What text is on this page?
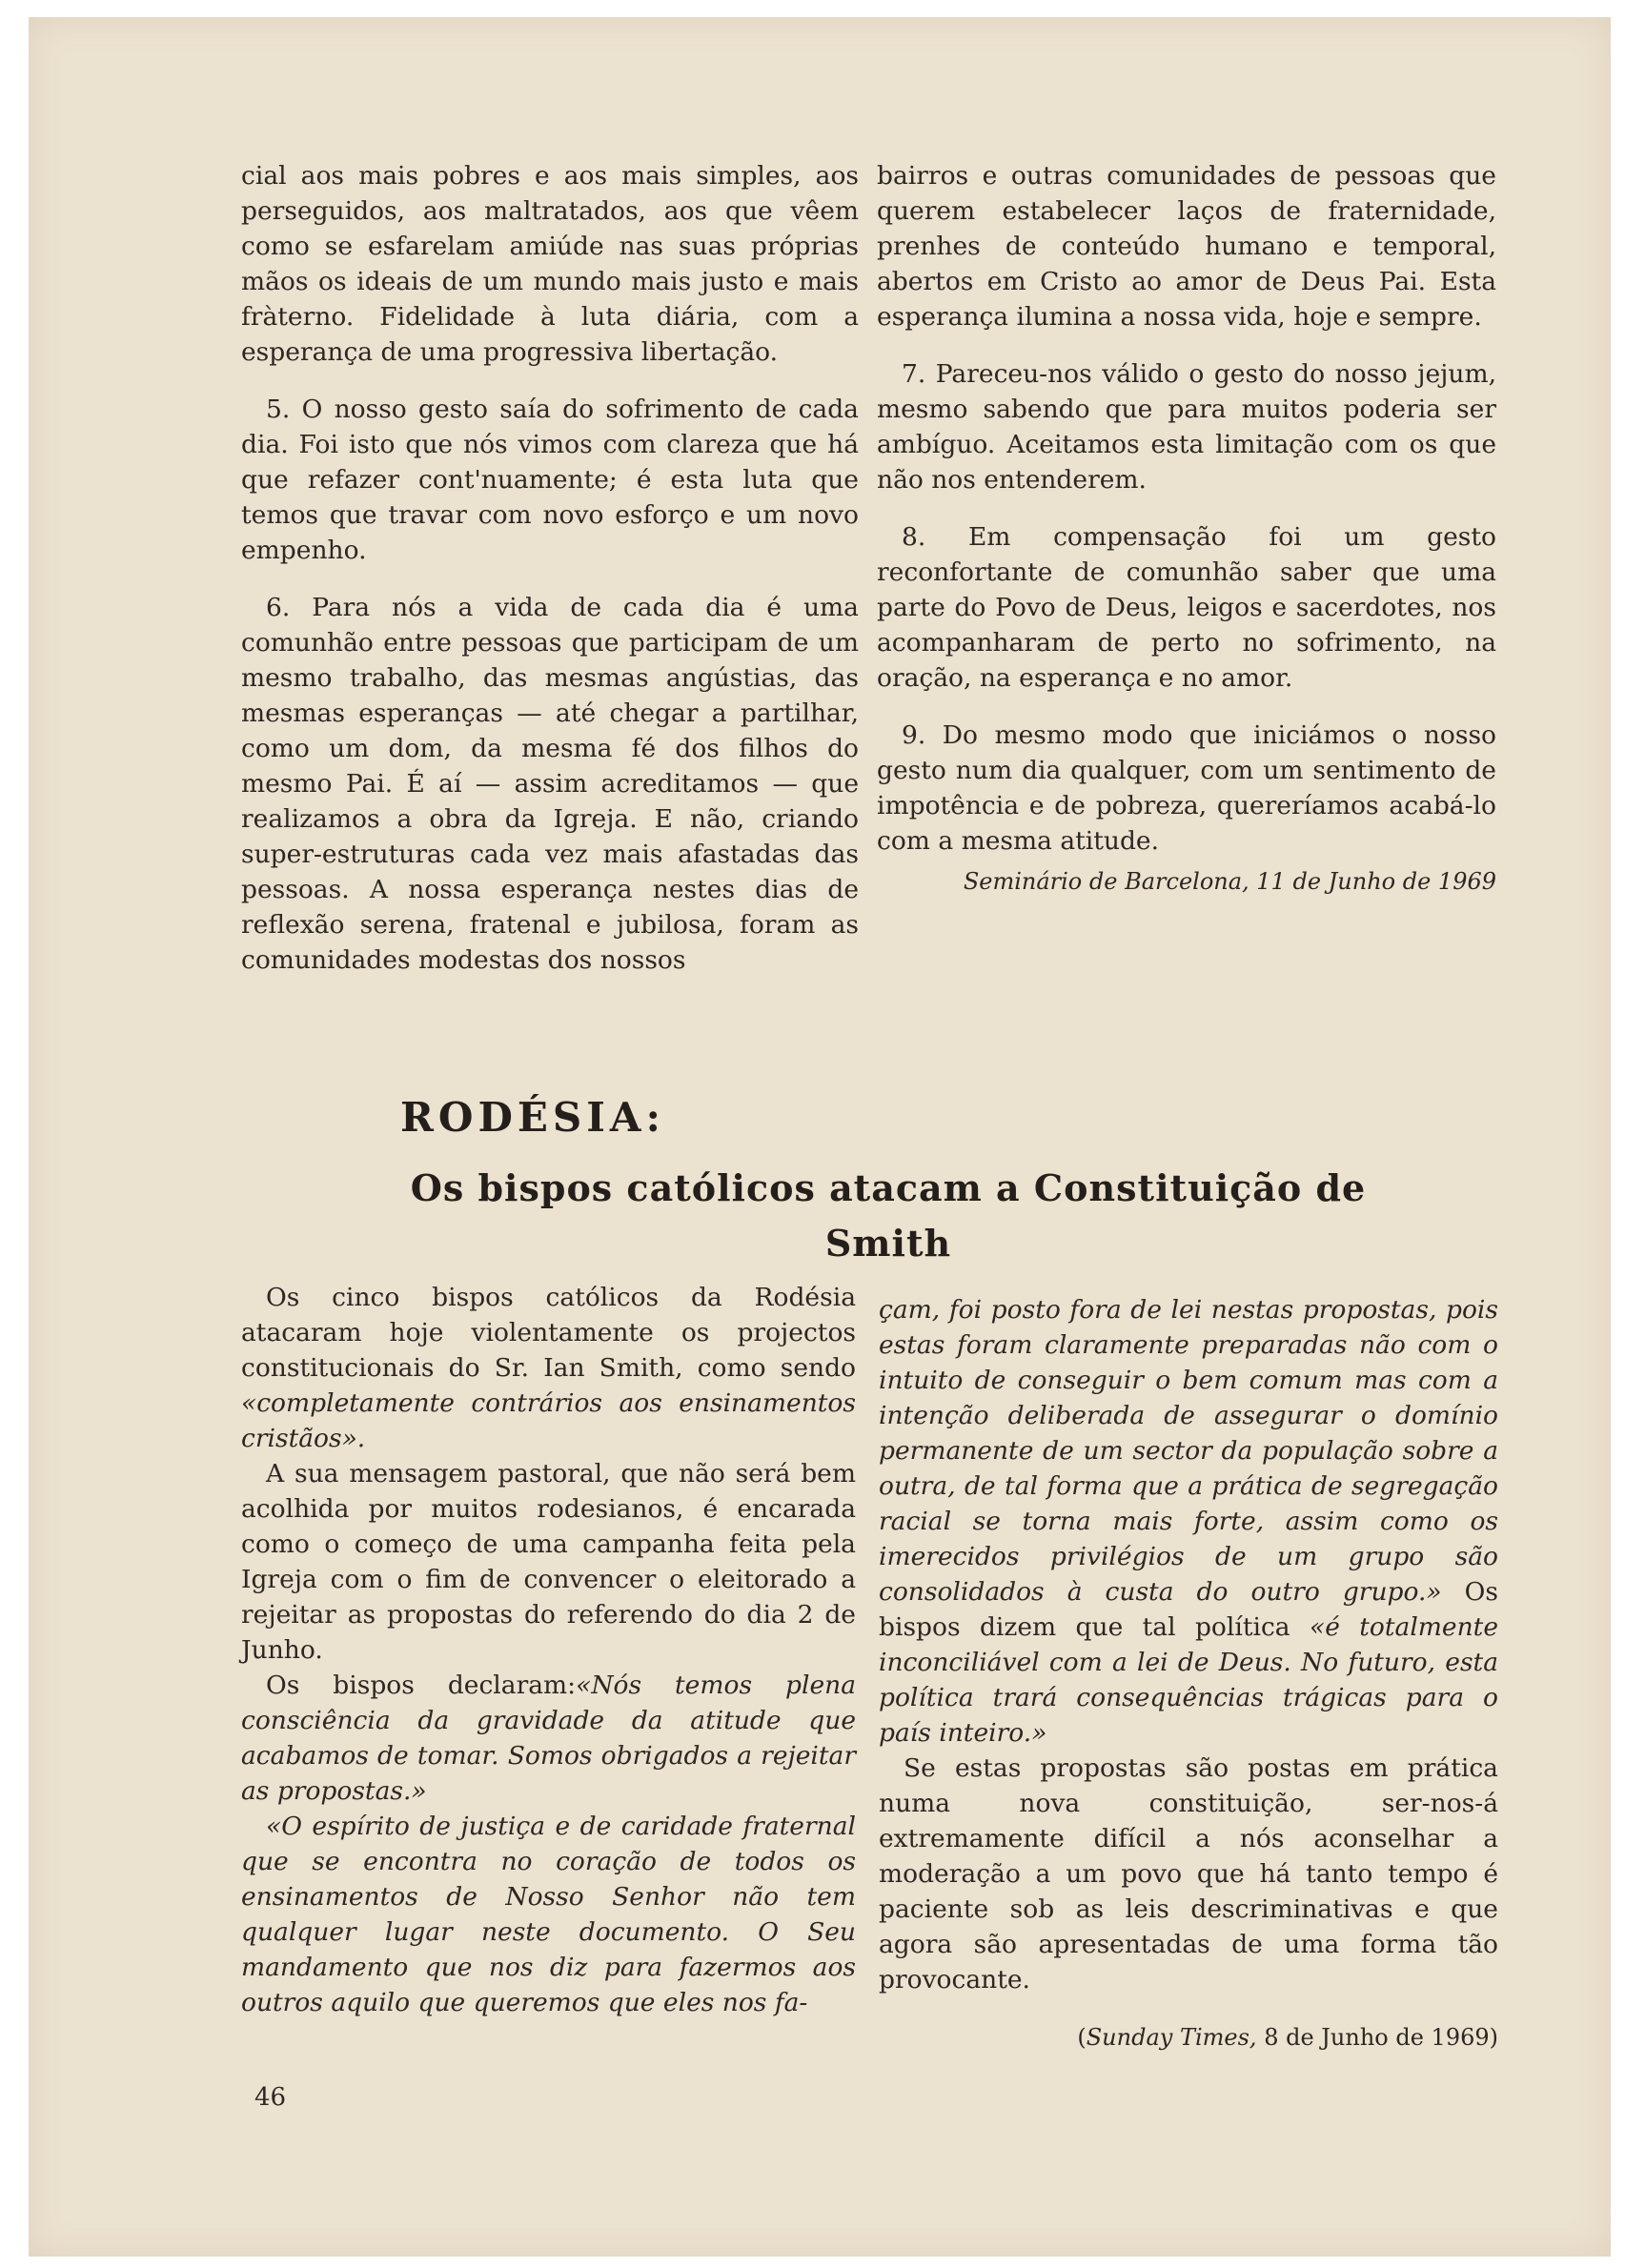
cial aos mais pobres e aos mais simples, aos perseguidos, aos maltratados, aos que vêem como se esfarelam amiúde nas suas próprias mãos os ideais de um mundo mais justo e mais fràterno. Fidelidade à luta diária, com a esperança de uma progressiva libertação.

5. O nosso gesto saía do sofrimento de cada dia. Foi isto que nós vimos com clareza que há que refazer cont'nuamente; é esta luta que temos que travar com novo esforço e um novo empenho.

6. Para nós a vida de cada dia é uma comunhão entre pessoas que participam de um mesmo trabalho, das mesmas angústias, das mesmas esperanças — até chegar a partilhar, como um dom, da mesma fé dos filhos do mesmo Pai. É aí — assim acreditamos — que realizamos a obra da Igreja. E não, criando super-estruturas cada vez mais afastadas das pessoas. A nossa esperança nestes dias de reflexão serena, fratenal e jubilosa, foram as comunidades modestas dos nossos

bairros e outras comunidades de pessoas que querem estabelecer laços de fraternidade, prenhes de conteúdo humano e temporal, abertos em Cristo ao amor de Deus Pai. Esta esperança ilumina a nossa vida, hoje e sempre.

7. Pareceu-nos válido o gesto do nosso jejum, mesmo sabendo que para muitos poderia ser ambíguo. Aceitamos esta limitação com os que não nos entenderem.

8. Em compensação foi um gesto reconfortante de comunhão saber que uma parte do Povo de Deus, leigos e sacerdotes, nos acompanharam de perto no sofrimento, na oração, na esperança e no amor.

9. Do mesmo modo que iniciámos o nosso gesto num dia qualquer, com um sentimento de impotência e de pobreza, quereríamos acabá-lo com a mesma atitude.

Seminário de Barcelona, 11 de Junho de 1969
RODÉSIA:
Os bispos católicos atacam a Constituição de Smith

Os cinco bispos católicos da Rodésia atacaram hoje violentamente os projectos constitucionais do Sr. Ian Smith, como sendo «completamente contrários aos ensinamentos cristãos».

A sua mensagem pastoral, que não será bem acolhida por muitos rodesianos, é encarada como o começo de uma campanha feita pela Igreja com o fim de convencer o eleitorado a rejeitar as propostas do referendo do dia 2 de Junho.

Os bispos declaram:«Nós temos plena consciência da gravidade da atitude que acabamos de tomar. Somos obrigados a rejeitar as propostas.»

«O espírito de justiça e de caridade fraternal que se encontra no coração de todos os ensinamentos de Nosso Senhor não tem qualquer lugar neste documento. O Seu mandamento que nos diz para fazermos aos outros aquilo que queremos que eles nos fa-

çam, foi posto fora de lei nestas propostas, pois estas foram claramente preparadas não com o intuito de conseguir o bem comum mas com a intenção deliberada de assegurar o domínio permanente de um sector da população sobre a outra, de tal forma que a prática de segregação racial se torna mais forte, assim como os imerecidos privilégios de um grupo são consolidados à custa do outro grupo.» Os bispos dizem que tal política «é totalmente inconciliável com a lei de Deus. No futuro, esta política trará consequências trágicas para o país inteiro.»

Se estas propostas são postas em prática numa nova constituição, ser-nos-á extremamente difícil a nós aconselhar a moderação a um povo que há tanto tempo é paciente sob as leis descriminativas e que agora são apresentadas de uma forma tão provocante.

(Sunday Times, 8 de Junho de 1969)
46
